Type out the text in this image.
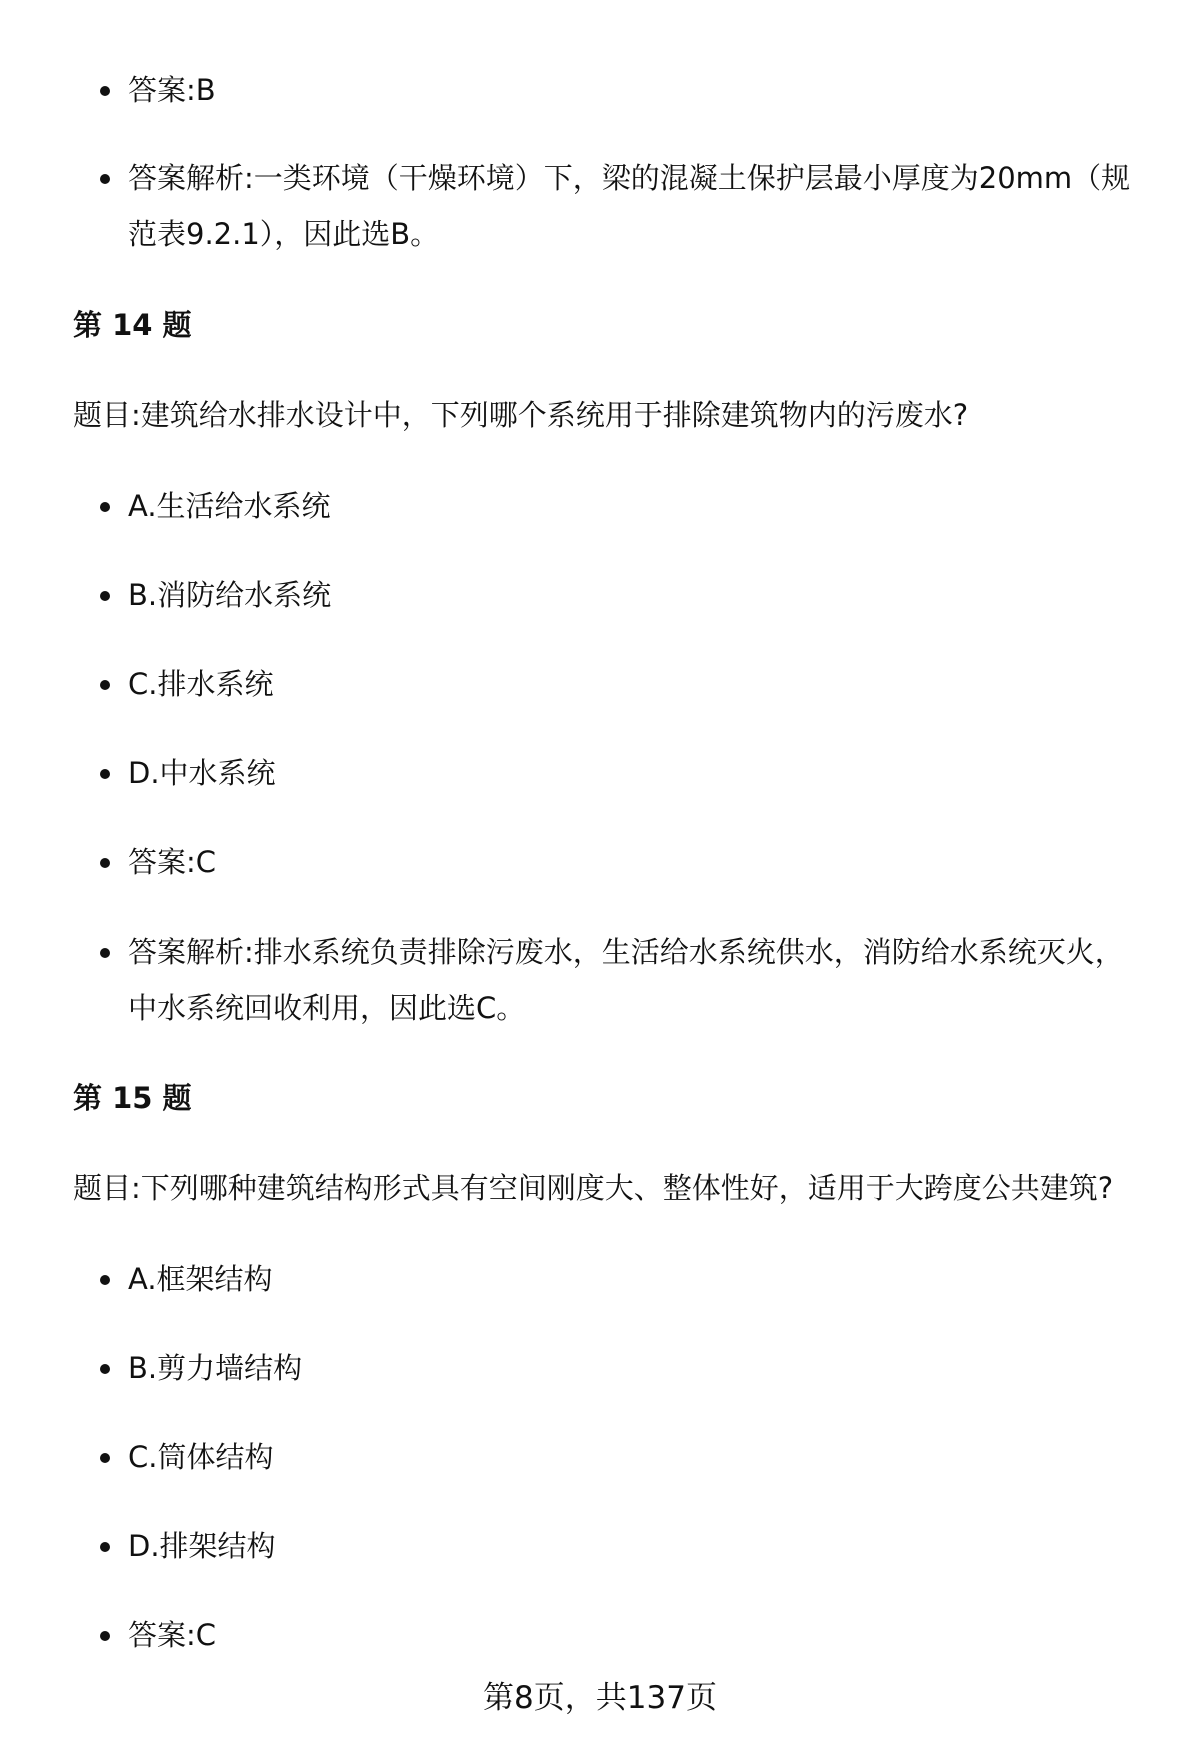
答案:B
答案解析:一类环境（干燥环境）下，梁的混凝土保护层最小厚度为20mm（规范表9.2.1），因此选B。
第 14 题
题目:建筑给水排水设计中，下列哪个系统用于排除建筑物内的污废水?
A.生活给水系统
B.消防给水系统
C.排水系统
D.中水系统
答案:C
答案解析:排水系统负责排除污废水，生活给水系统供水，消防给水系统灭火，中水系统回收利用，因此选C。
第 15 题
题目:下列哪种建筑结构形式具有空间刚度大、整体性好，适用于大跨度公共建筑?
A.框架结构
B.剪力墙结构
C.筒体结构
D.排架结构
答案:C
第8页，共137页
